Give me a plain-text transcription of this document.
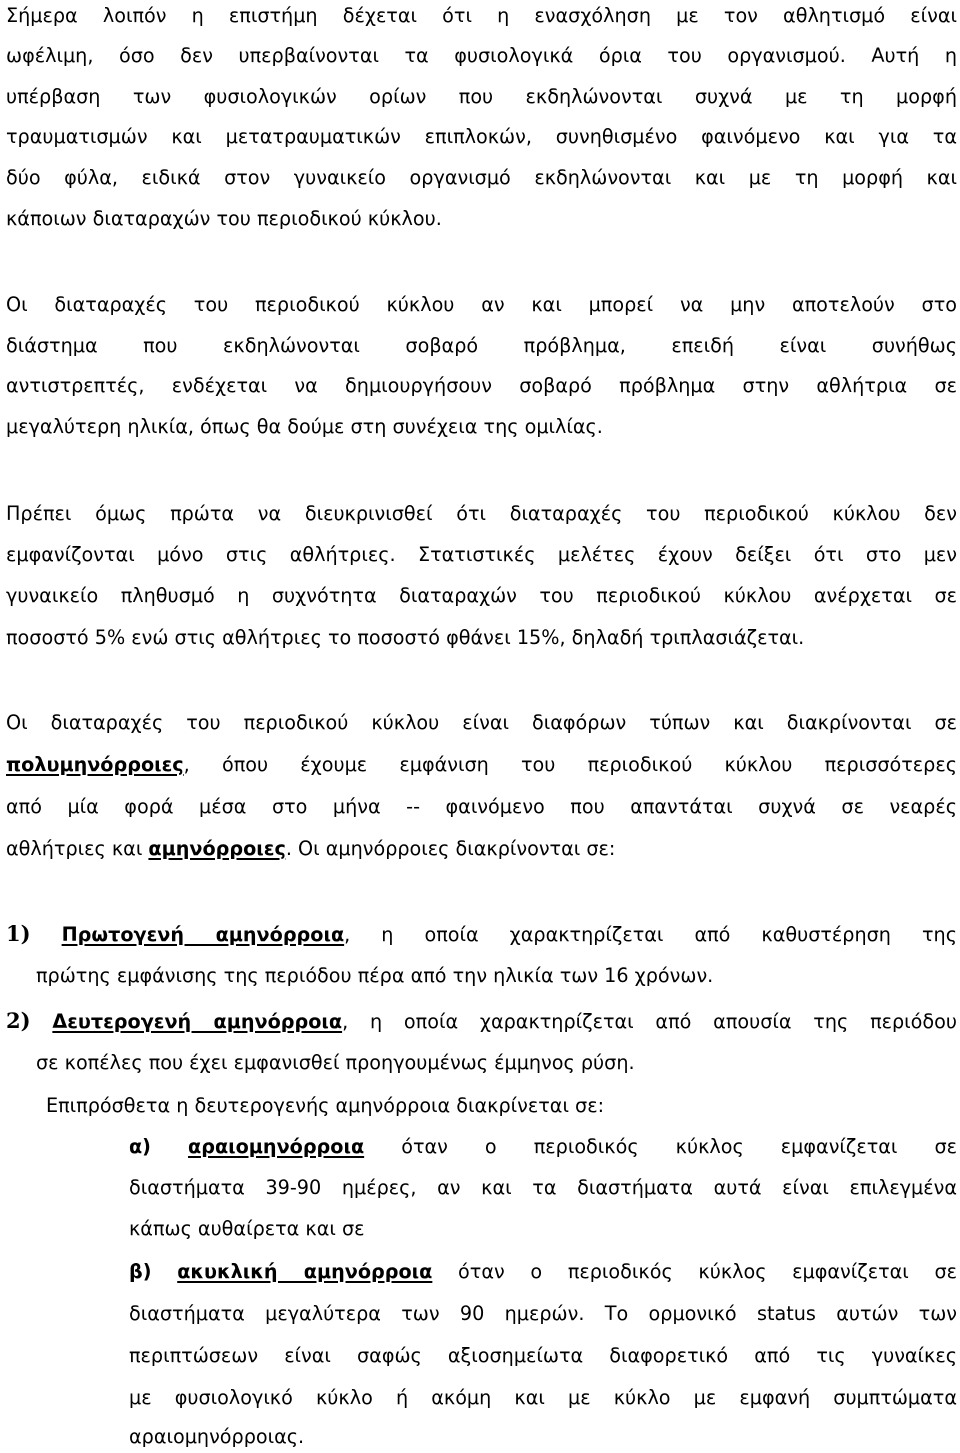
Σήμερα λοιπόν η επιστήμη δέχεται ότι η ενασχόληση με τον αθλητισμό είναι
ωφέλιμη, όσο δεν υπερβαίνονται τα φυσιολογικά όρια του οργανισμού. Αυτή η
υπέρβαση των φυσιολογικών ορίων που εκδηλώνονται συχνά με τη μορφή
τραυματισμών και μετατραυματικών επιπλοκών, συνηθισμένο φαινόμενο και για τα
δύο φύλα, ειδικά στον γυναικείο οργανισμό εκδηλώνονται και με τη μορφή και
κάποιων διαταραχών του περιοδικού κύκλου.
Οι διαταραχές του περιοδικού κύκλου αν και μπορεί να μην αποτελούν στο
διάστημα που εκδηλώνονται σοβαρό πρόβλημα, επειδή είναι συνήθως
αντιστρεπτές, ενδέχεται να δημιουργήσουν σοβαρό πρόβλημα στην αθλήτρια σε
μεγαλύτερη ηλικία, όπως θα δούμε στη συνέχεια της ομιλίας.
Πρέπει όμως πρώτα να διευκρινισθεί ότι διαταραχές του περιοδικού κύκλου δεν
εμφανίζονται μόνο στις αθλήτριες. Στατιστικές μελέτες έχουν δείξει ότι στο μεν
γυναικείο πληθυσμό η συχνότητα διαταραχών του περιοδικού κύκλου ανέρχεται σε
ποσοστό 5% ενώ στις αθλήτριες το ποσοστό φθάνει 15%, δηλαδή τριπλασιάζεται.
Οι διαταραχές του περιοδικού κύκλου είναι διαφόρων τύπων και διακρίνονται σε
πολυμηνόρροιες, όπου έχουμε εμφάνιση του περιοδικού κύκλου περισσότερες
από μία φορά μέσα στο μήνα -- φαινόμενο που απαντάται συχνά σε νεαρές
αθλήτριες και αμηνόρροιες. Οι αμηνόρροιες διακρίνονται σε:
1) Πρωτογενή αμηνόρροια, η οποία χαρακτηρίζεται από καθυστέρηση της
πρώτης εμφάνισης της περιόδου πέρα από την ηλικία των 16 χρόνων.
2) Δευτερογενή αμηνόρροια, η οποία χαρακτηρίζεται από απουσία της περιόδου
σε κοπέλες που έχει εμφανισθεί προηγουμένως έμμηνος ρύση.
Επιπρόσθετα η δευτερογενής αμηνόρροια διακρίνεται σε:
α) αραιομηνόρροια όταν ο περιοδικός κύκλος εμφανίζεται σε
διαστήματα 39-90 ημέρες, αν και τα διαστήματα αυτά είναι επιλεγμένα
κάπως αυθαίρετα και σε
β) ακυκλική αμηνόρροια όταν ο περιοδικός κύκλος εμφανίζεται σε
διαστήματα μεγαλύτερα των 90 ημερών. Το ορμονικό status αυτών των
περιπτώσεων είναι σαφώς αξιοσημείωτα διαφορετικό από τις γυναίκες
με φυσιολογικό κύκλο ή ακόμη και με κύκλο με εμφανή συμπτώματα
αραιομηνόρροιας.
